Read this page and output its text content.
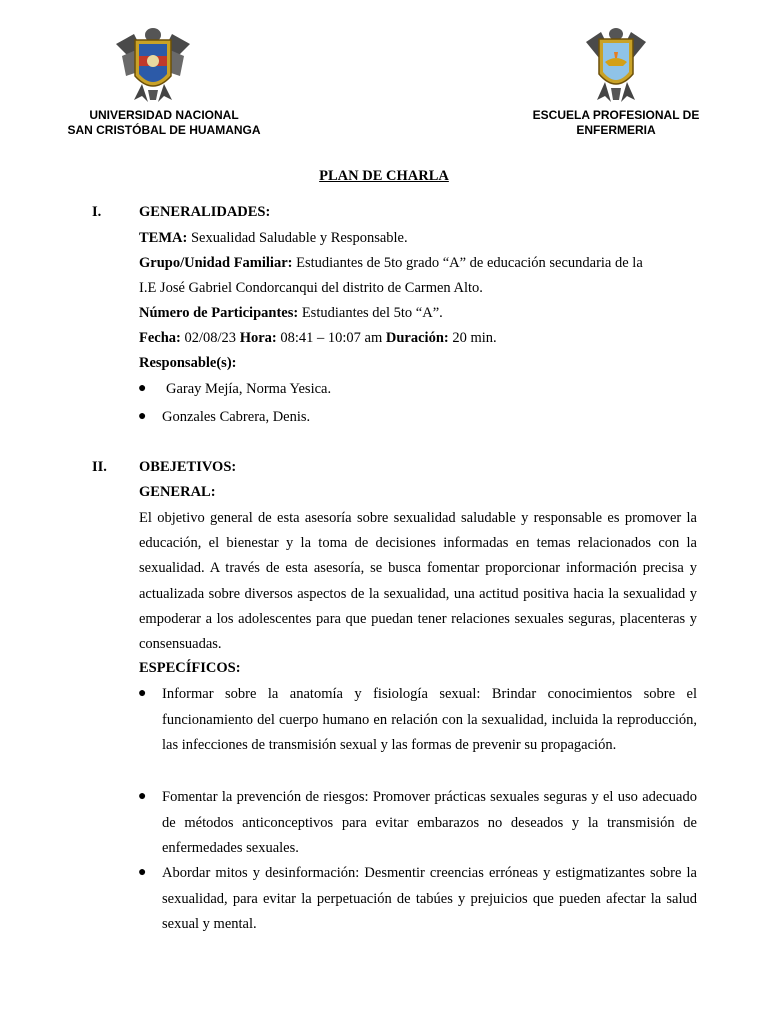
UNIVERSIDAD NACIONAL
SAN CRISTÓBAL DE HUAMANGA
ESCUELA PROFESIONAL DE
ENFERMERIA
PLAN DE CHARLA
I.	GENERALIDADES:
TEMA: Sexualidad Saludable y Responsable.
Grupo/Unidad Familiar: Estudiantes de 5to grado “A” de educación secundaria de la
I.E José Gabriel Condorcanqui del distrito de Carmen Alto.
Número de Participantes: Estudiantes del 5to “A”.
Fecha: 02/08/23 Hora: 08:41 – 10:07 am Duración: 20 min.
Responsable(s):
● Garay Mejía, Norma Yesica.
● Gonzales Cabrera, Denis.
II. OBEJETIVOS:
GENERAL:
El objetivo general de esta asesoría sobre sexualidad saludable y responsable es promover la educación, el bienestar y la toma de decisiones informadas en temas relacionados con la sexualidad. A través de esta asesoría, se busca fomentar proporcionar información precisa y actualizada sobre diversos aspectos de la sexualidad, una actitud positiva hacia la sexualidad y empoderar a los adolescentes para que puedan tener relaciones sexuales seguras, placenteras y consensuadas.
ESPECÍFICOS:
● Informar sobre la anatomía y fisiología sexual: Brindar conocimientos sobre el funcionamiento del cuerpo humano en relación con la sexualidad, incluida la reproducción, las infecciones de transmisión sexual y las formas de prevenir su propagación.
● Fomentar la prevención de riesgos: Promover prácticas sexuales seguras y el uso adecuado de métodos anticonceptivos para evitar embarazos no deseados y la transmisión de enfermedades sexuales.
● Abordar mitos y desinformación: Desmentir creencias erróneas y estigmatizantes sobre la sexualidad, para evitar la perpetuación de tabúes y prejuicios que pueden afectar la salud sexual y mental.
